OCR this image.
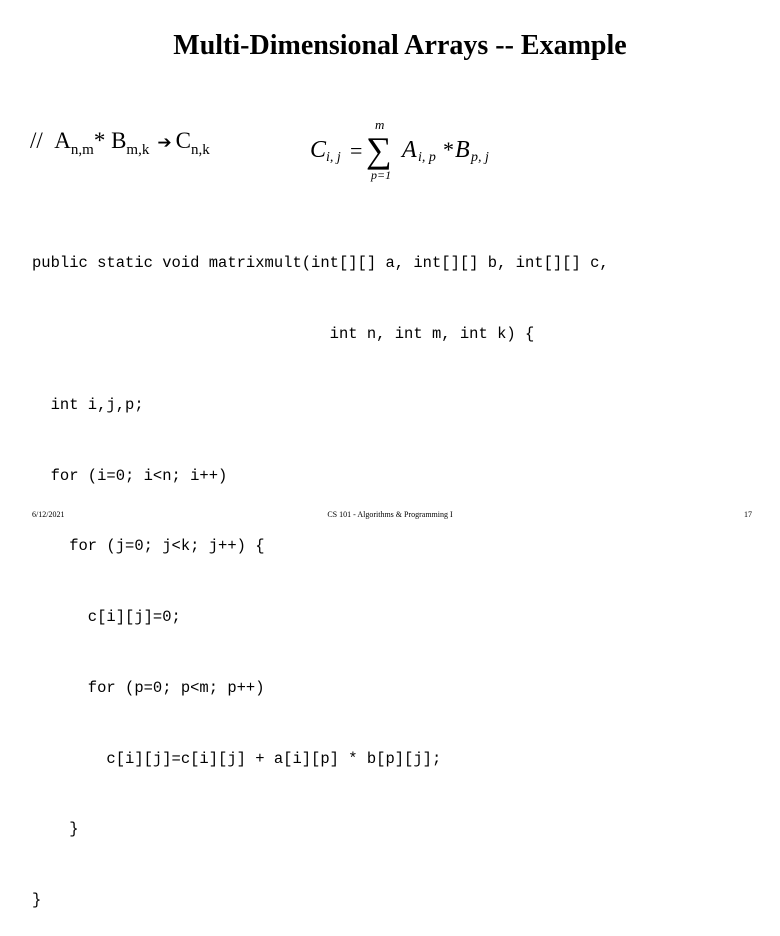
Multi-Dimensional Arrays -- Example
// $A_{n,m}*$ $B_{m,k}$ ➔ $C_{n,k}$	C i, j =
m
∑
p=1
A i, p * B p, j

public static void matrixmult(int[][] a, int[][] b, int[][] c,

int n, int m, int k) {

int i,j,p;

for (i=0; i<n; i++)

for (j=0; j<k; j++) {

c[i][j]=0;

for (p=0; p<m; p++)

c[i][j]=c[i][j] + a[i][p] * b[p][j];

}

}

6/12/2021	CS 101 - Algorithms & Programming I	17
